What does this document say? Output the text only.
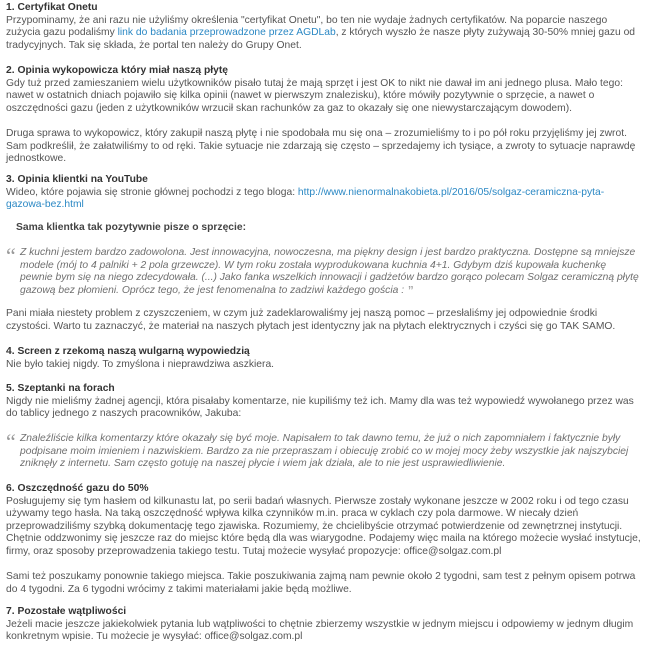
1. Certyfikat Onetu

Przypominamy, że ani razu nie użyliśmy określenia "certyfikat Onetu", bo ten nie wydaje żadnych certyfikatów. Na poparcie naszego zużycia gazu podaliśmy link do badania przeprowadzone przez AGDLab, z których wyszło że nasze płyty zużywają 30-50% mniej gazu od tradycyjnych. Tak się składa, że portal ten należy do Grupy Onet.

2. Opinia wykopowicza który miał naszą płytę

Gdy tuż przed zamieszaniem wielu użytkowników pisało tutaj że mają sprzęt i jest OK to nikt nie dawał im ani jednego plusa. Mało tego: nawet w ostatnich dniach pojawiło się kilka opinii (nawet w pierwszym znalezisku), które mówiły pozytywnie o sprzęcie, a nawet o oszczędności gazu (jeden z użytkowników wrzucił skan rachunków za gaz to okazały się one niewystarczającym dowodem).

Druga sprawa to wykopowicz, który zakupił naszą płytę i nie spodobała mu się ona – zrozumieliśmy to i po pół roku przyjęliśmy jej zwrot. Sam podkreślił, że załatwiliśmy to od ręki. Takie sytuacje nie zdarzają się często – sprzedajemy ich tysiące, a zwroty to sytuacje naprawdę jednostkowe.

3. Opinia klientki na YouTube

Wideo, które pojawia się stronie głównej pochodzi z tego bloga: http://www.nienormalnakobieta.pl/2016/05/solgaz-ceramiczna-pyta-gazowa-bez.html

Sama klientka tak pozytywnie pisze o sprzęcie:
“ Z kuchni jestem bardzo zadowolona. Jest innowacyjna, nowoczesna, ma piękny design i jest bardzo praktyczna. Dostępne są mniejsze modele (mój to 4 palniki + 2 pola grzewcze). W tym roku została wyprodukowana kuchnia 4+1. Gdybym dziś kupowała kuchenkę pewnie bym się na niego zdecydowała. (...) Jako fanka wszelkich innowacji i gadżetów bardzo gorąco polecam Solgaz ceramiczną płytę gazową bez płomieni. Oprócz tego, że jest fenomenalna to zadziwi każdego gościa : ”

Pani miała niestety problem z czyszczeniem, w czym już zadeklarowaliśmy jej naszą pomoc – przesłaliśmy jej odpowiednie środki czystości. Warto tu zaznaczyć, że materiał na naszych płytach jest identyczny jak na płytach elektrycznych i czyści się go TAK SAMO.

4. Screen z rzekomą naszą wulgarną wypowiedzią

Nie było takiej nigdy. To zmyślona i nieprawdziwa aszkiera.

5. Szeptanki na forach

Nigdy nie mieliśmy żadnej agencji, która pisałaby komentarze, nie kupiliśmy też ich. Mamy dla was też wypowiedź wywołanego przez was do tablicy jednego z naszych pracowników, Jakuba:

“ Znaleźliście kilka komentarzy które okazały się być moje. Napisałem to tak dawno temu, że już o nich zapomniałem i faktycznie były podpisane moim imieniem i nazwiskiem. Bardzo za nie przepraszam i obiecuję zrobić co w mojej mocy żeby wszystkie jak najszybciej zniknęły z internetu. Sam często gotuję na naszej płycie i wiem jak działa, ale to nie jest usprawiedliwienie.
6. Oszczędność gazu do 50%

Posługujemy się tym hasłem od kilkunastu lat, po serii badań własnych. Pierwsze zostały wykonane jeszcze w 2002 roku i od tego czasu używamy tego hasła. Na taką oszczędność wpływa kilka czynników m.in. praca w cyklach czy pola darmowe. W niecały dzień przeprowadziliśmy szybką dokumentację tego zjawiska. Rozumiemy, że chcielibyście otrzymać potwierdzenie od zewnętrznej instytucji. Chętnie oddzwonimy się jeszcze raz do miejsc które będą dla was wiarygodne. Podajemy więc maila na którego możecie wysłać instytucje, firmy, oraz sposoby przeprowadzenia takiego testu. Tutaj możecie wysyłać propozycje: office@solgaz.com.pl

Sami też poszukamy ponownie takiego miejsca. Takie poszukiwania zajmą nam pewnie około 2 tygodni, sam test z pełnym opisem potrwa do 4 tygodni. Za 6 tygodni wrócimy z takimi materiałami jakie będą możliwe.

7. Pozostałe wątpliwości

Jeżeli macie jeszcze jakiekolwiek pytania lub wątpliwości to chętnie zbierzemy wszystkie w jednym miejscu i odpowiemy w jednym długim konkretnym wpisie. Tu możecie je wysyłać: office@solgaz.com.pl
